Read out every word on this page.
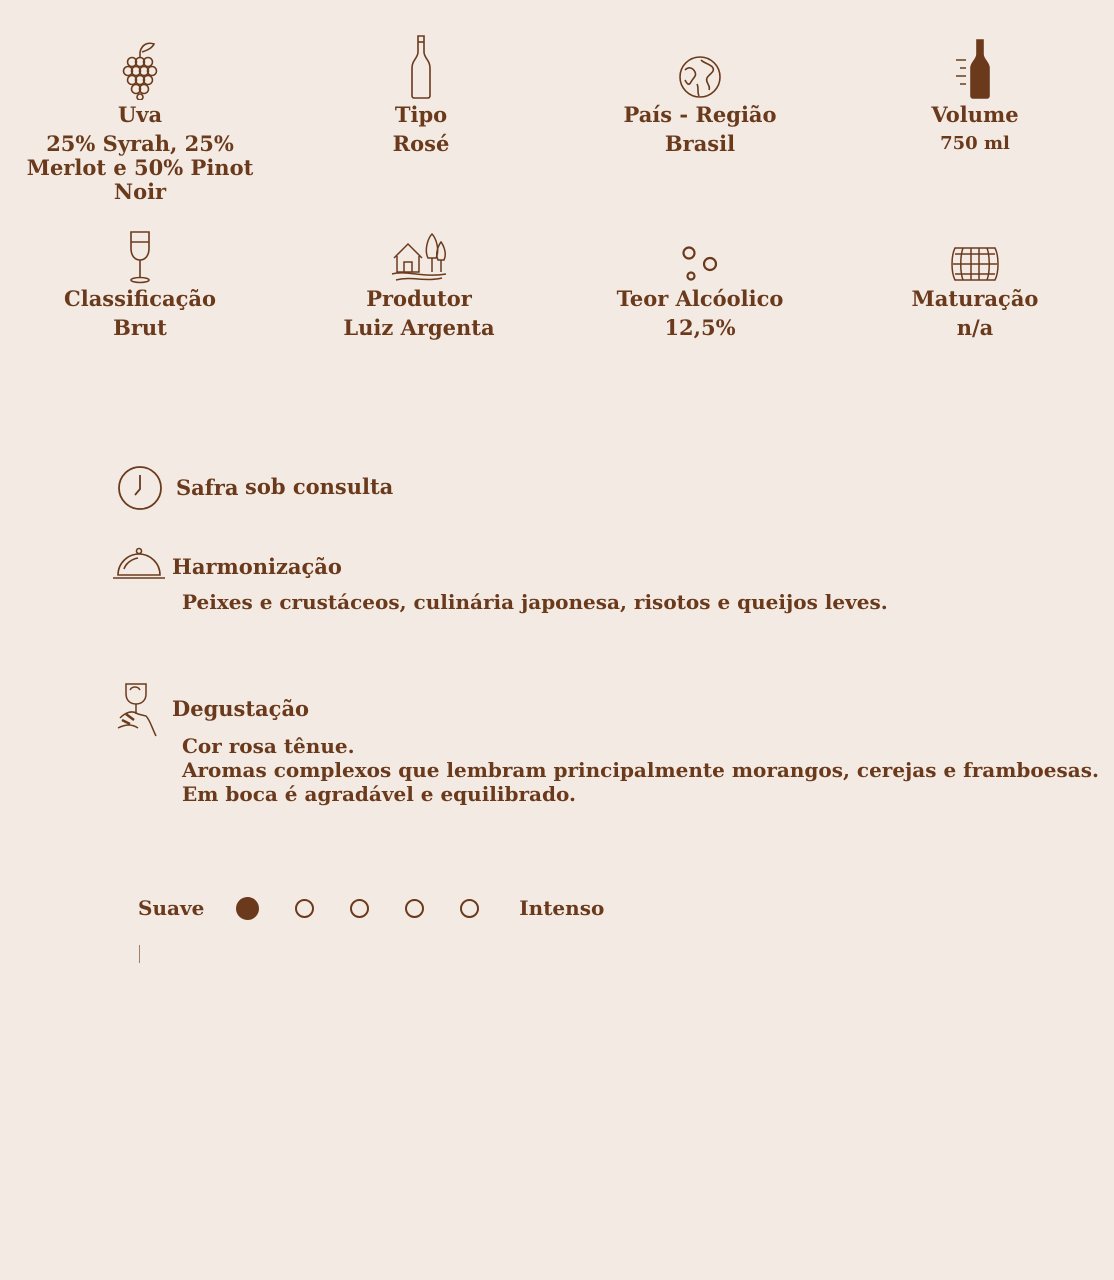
Uva
25% Syrah, 25% Merlot e 50% Pinot Noir
Tipo
Rosé
País - Região
Brasil
Volume
750 ml
Classificação
Brut
Produtor
Luiz Argenta
Teor Alcóolico
12,5%
Maturação
n/a
Safra sob consulta
Harmonização
Peixes e crustáceos, culinária japonesa, risotos e queijos leves.
Degustação
Cor rosa tênue.
Aromas complexos que lembram principalmente morangos, cerejas e framboesas.
Em boca é agradável e equilibrado.
Suave	Intenso
